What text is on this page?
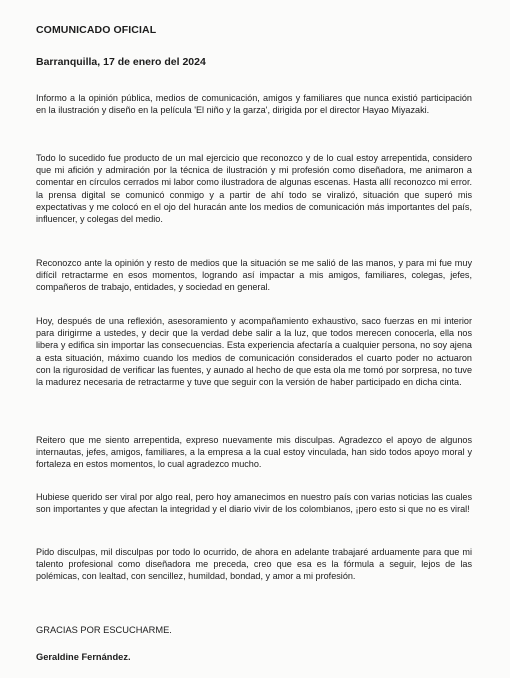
COMUNICADO OFICIAL
Barranquilla, 17 de enero del 2024

Informo a la opinión pública, medios de comunicación, amigos y familiares que nunca existió participación en la ilustración y diseño en la película 'El niño y la garza', dirigida por el director Hayao Miyazaki.

Todo lo sucedido fue producto de un mal ejercicio que reconozco y de lo cual estoy arrepentida, considero que mi afición y admiración por la técnica de ilustración y mi profesión como diseñadora, me animaron a comentar en círculos cerrados mi labor como ilustradora de algunas escenas. Hasta allí reconozco mi error. la prensa digital se comunicó conmigo y a partir de ahí todo se viralizó, situación que superó mis expectativas y me colocó en el ojo del huracán ante los medios de comunicación más importantes del país, influencer, y colegas del medio.

Reconozco ante la opinión y resto de medios que la situación se me salió de las manos, y para mi fue muy difícil retractarme en esos momentos, logrando así impactar a mis amigos, familiares, colegas, jefes, compañeros de trabajo, entidades, y sociedad en general.

Hoy, después de una reflexión, asesoramiento y acompañamiento exhaustivo, saco fuerzas en mi interior para dirigirme a ustedes, y decir que la verdad debe salir a la luz, que todos merecen conocerla, ella nos libera y edifica sin importar las consecuencias. Esta experiencia afectaría a cualquier persona, no soy ajena a esta situación, máximo cuando los medios de comunicación considerados el cuarto poder no actuaron con la rigurosidad de verificar las fuentes, y aunado al hecho de que esta ola me tomó por sorpresa, no tuve la madurez necesaria de retractarme y tuve que seguir con la versión de haber participado en dicha cinta.

Reitero que me siento arrepentida, expreso nuevamente mis disculpas. Agradezco el apoyo de algunos internautas, jefes, amigos, familiares, a la empresa a la cual estoy vinculada, han sido todos apoyo moral y fortaleza en estos momentos, lo cual agradezco mucho.

Hubiese querido ser viral por algo real, pero hoy amanecimos en nuestro país con varias noticias las cuales son importantes y que afectan la integridad y el diario vivir de los colombianos, ¡pero esto si que no es viral!

Pido disculpas, mil disculpas por todo lo ocurrido, de ahora en adelante trabajaré arduamente para que mi talento profesional como diseñadora me preceda, creo que esa es la fórmula a seguir, lejos de las polémicas, con lealtad, con sencillez, humildad, bondad, y amor a mi profesión.

GRACIAS POR ESCUCHARME.
Geraldine Fernández.
